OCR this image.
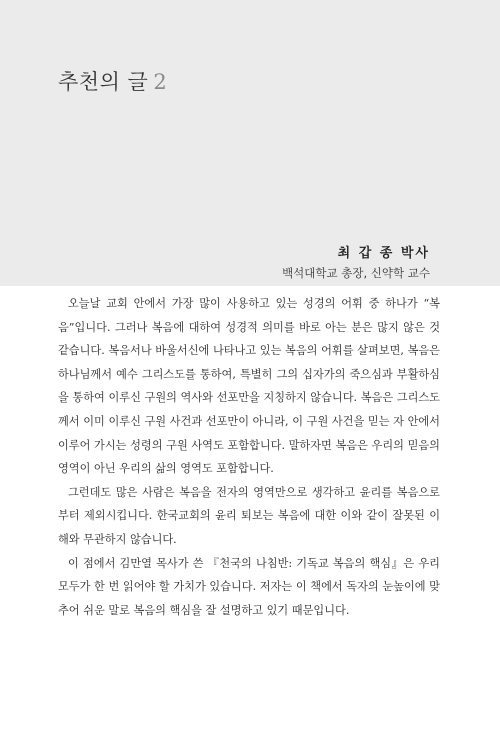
추천의 글 2
최 갑 종 박사
백석대학교 총장, 신약학 교수

오늘날 교회 안에서 가장 많이 사용하고 있는 성경의 어휘 중 하나가 “복음”입니다. 그러나 복음에 대하여 성경적 의미를 바로 아는 분은 많지 않은 것 같습니다. 복음서나 바울서신에 나타나고 있는 복음의 어휘를 살펴보면, 복음은 하나님께서 예수 그리스도를 통하여, 특별히 그의 십자가의 죽으심과 부활하심을 통하여 이루신 구원의 역사와 선포만을 지칭하지 않습니다. 복음은 그리스도께서 이미 이루신 구원 사건과 선포만이 아니라, 이 구원 사건을 믿는 자 안에서 이루어 가시는 성령의 구원 사역도 포함합니다. 말하자면 복음은 우리의 믿음의 영역이 아닌 우리의 삶의 영역도 포함합니다.

그런데도 많은 사람은 복음을 전자의 영역만으로 생각하고 윤리를 복음으로부터 제외시킵니다. 한국교회의 윤리 퇴보는 복음에 대한 이와 같이 잘못된 이해와 무관하지 않습니다.

이 점에서 김만열 목사가 쓴 『천국의 나침반: 기독교 복음의 핵심』은 우리 모두가 한 번 읽어야 할 가치가 있습니다. 저자는 이 책에서 독자의 눈높이에 맞추어 쉬운 말로 복음의 핵심을 잘 설명하고 있기 때문입니다.
